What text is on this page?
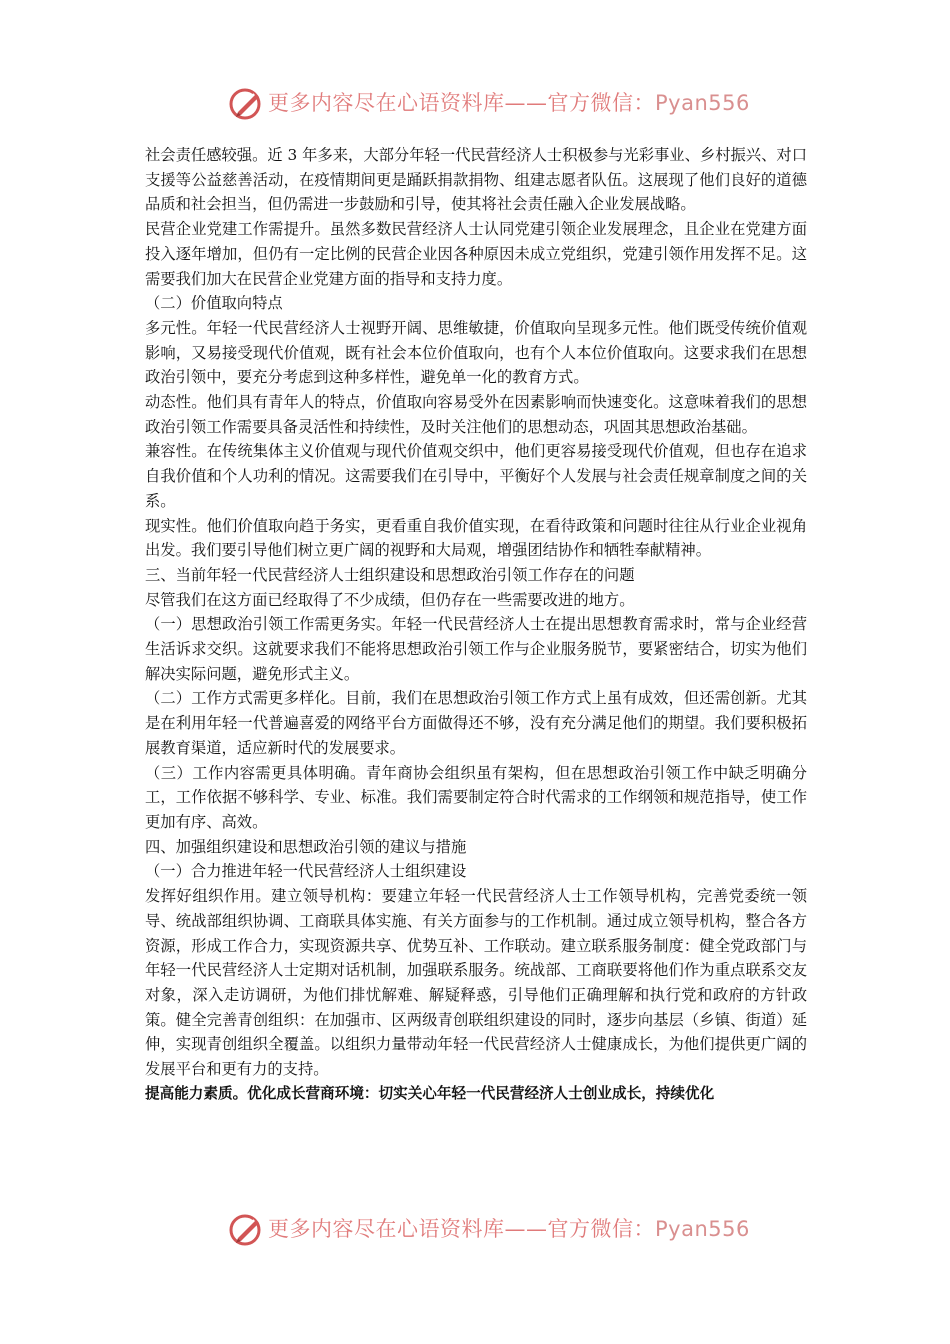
更多内容尽在心语资料库——官方微信：Pyan556

社会责任感较强。近 3 年多来，大部分年轻一代民营经济人士积极参与光彩事业、乡村振兴、对口支援等公益慈善活动，在疫情期间更是踊跃捐款捐物、组建志愿者队伍。这展现了他们良好的道德品质和社会担当，但仍需进一步鼓励和引导，使其将社会责任融入企业发展战略。

民营企业党建工作需提升。虽然多数民营经济人士认同党建引领企业发展理念，且企业在党建方面投入逐年增加，但仍有一定比例的民营企业因各种原因未成立党组织，党建引领作用发挥不足。这需要我们加大在民营企业党建方面的指导和支持力度。

（二）价值取向特点

多元性。年轻一代民营经济人士视野开阔、思维敏捷，价值取向呈现多元性。他们既受传统价值观影响，又易接受现代价值观，既有社会本位价值取向，也有个人本位价值取向。这要求我们在思想政治引领中，要充分考虑到这种多样性，避免单一化的教育方式。

动态性。他们具有青年人的特点，价值取向容易受外在因素影响而快速变化。这意味着我们的思想政治引领工作需要具备灵活性和持续性，及时关注他们的思想动态，巩固其思想政治基础。

兼容性。在传统集体主义价值观与现代价值观交织中，他们更容易接受现代价值观，但也存在追求自我价值和个人功利的情况。这需要我们在引导中，平衡好个人发展与社会责任规章制度之间的关系。

现实性。他们价值取向趋于务实，更看重自我价值实现，在看待政策和问题时往往从行业企业视角出发。我们要引导他们树立更广阔的视野和大局观，增强团结协作和牺牲奉献精神。

三、当前年轻一代民营经济人士组织建设和思想政治引领工作存在的问题

尽管我们在这方面已经取得了不少成绩，但仍存在一些需要改进的地方。

（一）思想政治引领工作需更务实。年轻一代民营经济人士在提出思想教育需求时，常与企业经营生活诉求交织。这就要求我们不能将思想政治引领工作与企业服务脱节，要紧密结合，切实为他们解决实际问题，避免形式主义。

（二）工作方式需更多样化。目前，我们在思想政治引领工作方式上虽有成效，但还需创新。尤其是在利用年轻一代普遍喜爱的网络平台方面做得还不够，没有充分满足他们的期望。我们要积极拓展教育渠道，适应新时代的发展要求。

（三）工作内容需更具体明确。青年商协会组织虽有架构，但在思想政治引领工作中缺乏明确分工，工作依据不够科学、专业、标准。我们需要制定符合时代需求的工作纲领和规范指导，使工作更加有序、高效。

四、加强组织建设和思想政治引领的建议与措施

（一）合力推进年轻一代民营经济人士组织建设

发挥好组织作用。建立领导机构：要建立年轻一代民营经济人士工作领导机构，完善党委统一领导、统战部组织协调、工商联具体实施、有关方面参与的工作机制。通过成立领导机构，整合各方资源，形成工作合力，实现资源共享、优势互补、工作联动。建立联系服务制度：健全党政部门与年轻一代民营经济人士定期对话机制，加强联系服务。统战部、工商联要将他们作为重点联系交友对象，深入走访调研，为他们排忧解难、解疑释惑，引导他们正确理解和执行党和政府的方针政策。健全完善青创组织：在加强市、区两级青创联组织建设的同时，逐步向基层（乡镇、街道）延伸，实现青创组织全覆盖。以组织力量带动年轻一代民营经济人士健康成长，为他们提供更广阔的发展平台和更有力的支持。

提高能力素质。优化成长营商环境：切实关心年轻一代民营经济人士创业成长，持续优化

更多内容尽在心语资料库——官方微信：Pyan556
